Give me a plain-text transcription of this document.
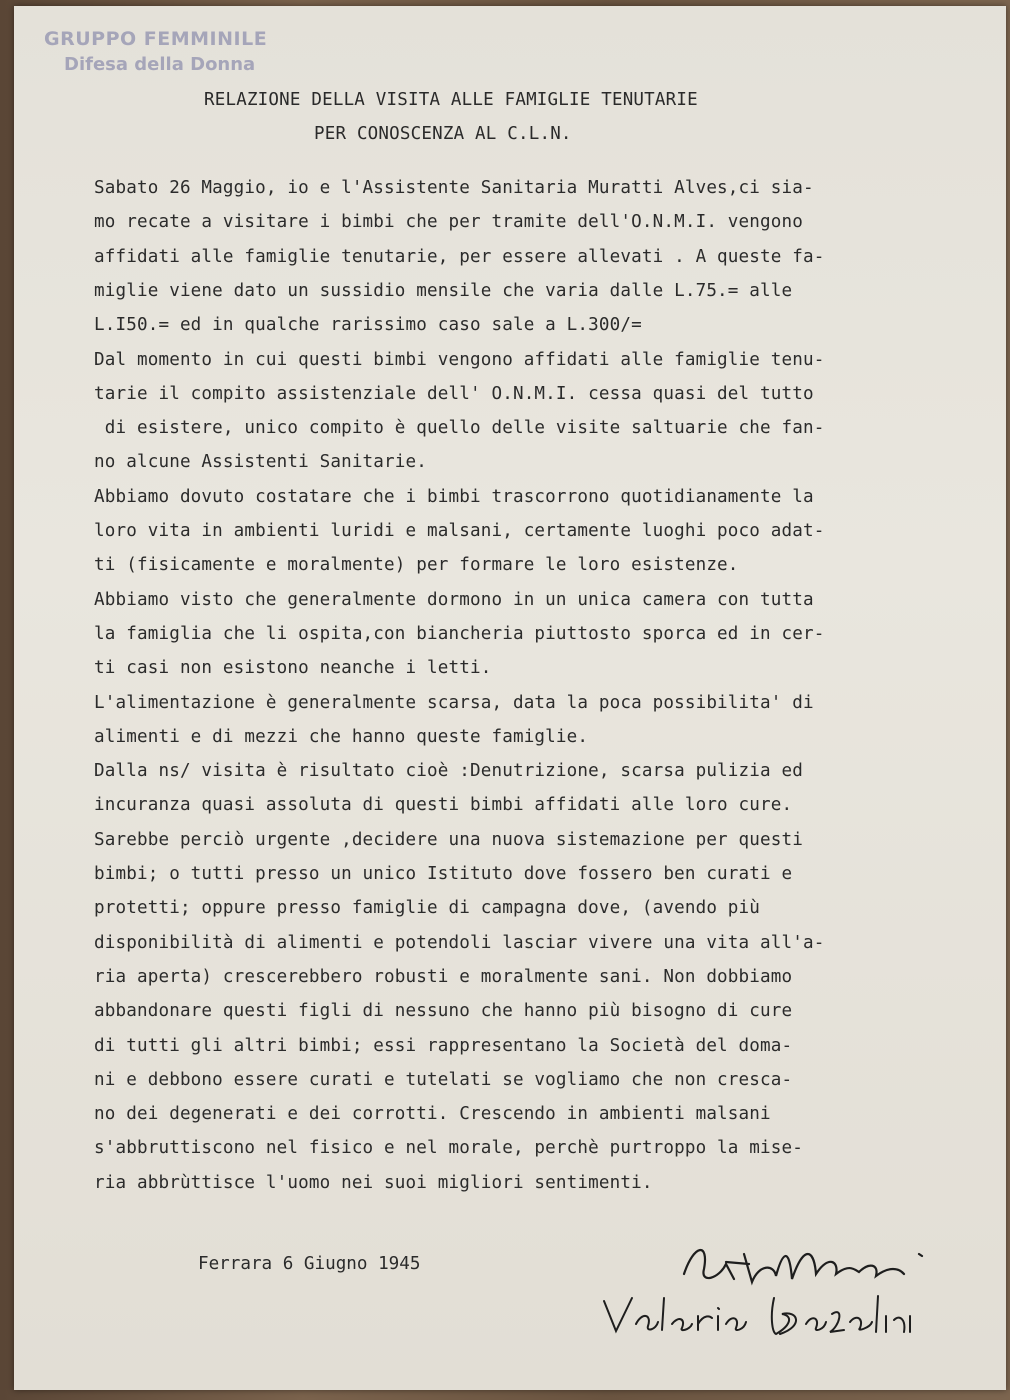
GRUPPO FEMMINILE
Difesa della Donna
RELAZIONE DELLA VISITA ALLE FAMIGLIE TENUTARIE
PER CONOSCENZA AL C.L.N.
Sabato 26 Maggio, io e l'Assistente Sanitaria Muratti Alves,ci sia-
mo recate a visitare i bimbi che per tramite dell'O.N.M.I. vengono
affidati alle famiglie tenutarie, per essere allevati . A queste fa-
miglie viene dato un sussidio mensile che varia dalle L.75.= alle
L.I50.= ed in qualche rarissimo caso sale a L.300/=
Dal momento in cui questi bimbi vengono affidati alle famiglie tenu-
tarie il compito assistenziale dell' O.N.M.I. cessa quasi del tutto
di esistere, unico compito è quello delle visite saltuarie che fan-
no alcune Assistenti Sanitarie.
Abbiamo dovuto costatare che i bimbi trascorrono quotidianamente la
loro vita in ambienti luridi e malsani, certamente luoghi poco adat-
ti (fisicamente e moralmente) per formare le loro esistenze.
Abbiamo visto che generalmente dormono in un unica camera con tutta
la famiglia che li ospita,con biancheria piuttosto sporca ed in cer-
ti casi non esistono neanche i letti.
L'alimentazione è generalmente scarsa, data la poca possibilita' di
alimenti e di mezzi che hanno queste famiglie.
Dalla ns/ visita è risultato cioè :Denutrizione, scarsa pulizia ed
incuranza quasi assoluta di questi bimbi affidati alle loro cure.
Sarebbe perciò urgente ,decidere una nuova sistemazione per questi
bimbi; o tutti presso un unico Istituto dove fossero ben curati e
protetti; oppure presso famiglie di campagna dove, (avendo più
disponibilità di alimenti e potendoli lasciar vivere una vita all'a-
ria aperta) crescerebbero robusti e moralmente sani. Non dobbiamo
abbandonare questi figli di nessuno che hanno più bisogno di cure
di tutti gli altri bimbi; essi rappresentano la Società del doma-
ni e debbono essere curati e tutelati se vogliamo che non cresca-
no dei degenerati e dei corrotti. Crescendo in ambienti malsani
s'abbruttiscono nel fisico e nel morale, perchè purtroppo la mise-
ria abbrùttisce l'uomo nei suoi migliori sentimenti.
Ferrara 6 Giugno 1945
